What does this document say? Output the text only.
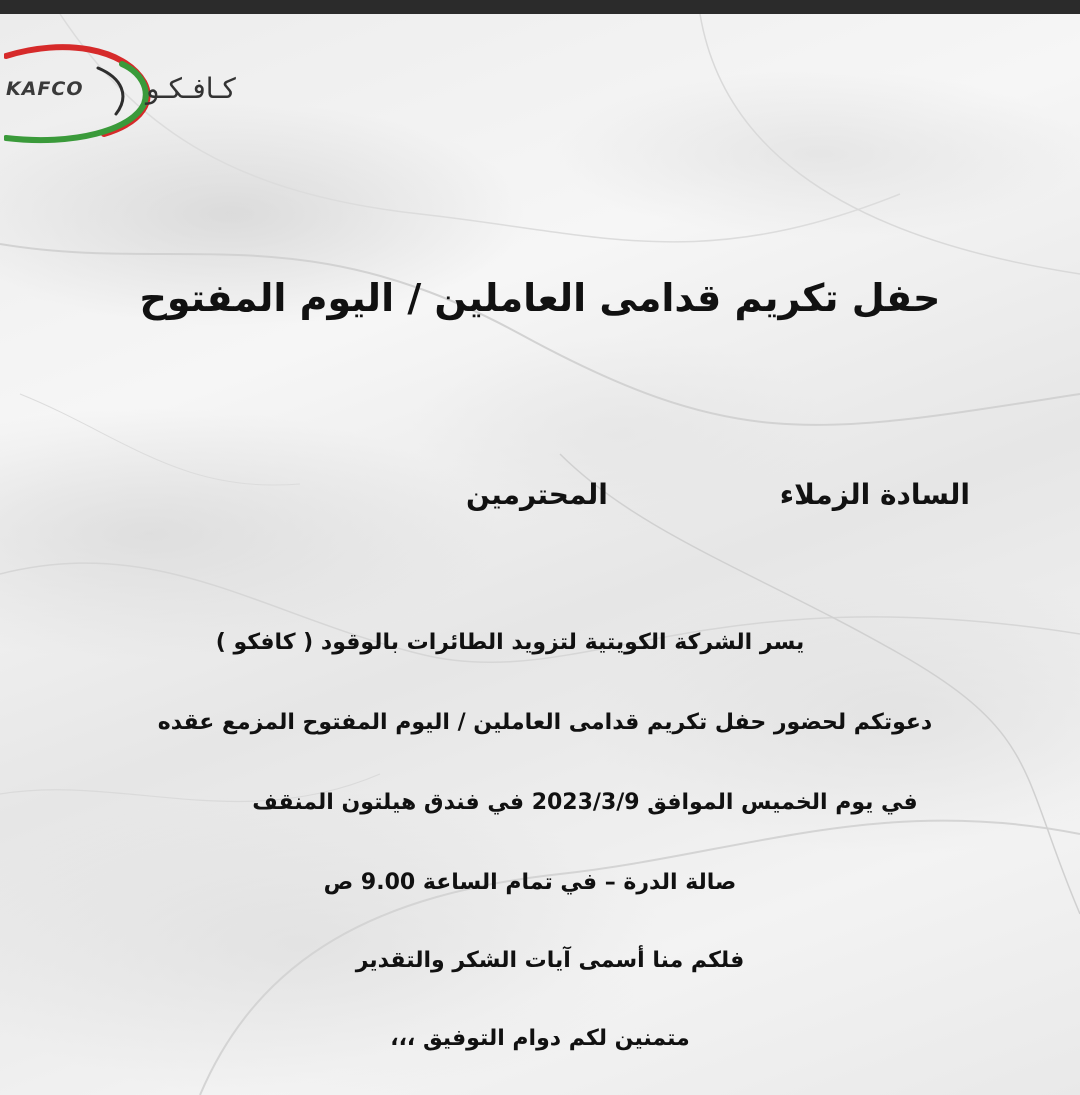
KAFCO كـافـكـو
حفل تكريم قدامى العاملين / اليوم المفتوح
السادة الزملاء
المحترمين
يسر الشركة الكويتية لتزويد الطائرات بالوقود ( كافكو )
دعوتكم لحضور حفل تكريم قدامى العاملين / اليوم المفتوح المزمع عقده
في يوم الخميس الموافق 2023/3/9 في فندق هيلتون المنقف
صالة الدرة – في تمام الساعة 9.00 ص
فلكم منا أسمى آيات الشكر والتقدير
متمنين لكم دوام التوفيق ،،،
